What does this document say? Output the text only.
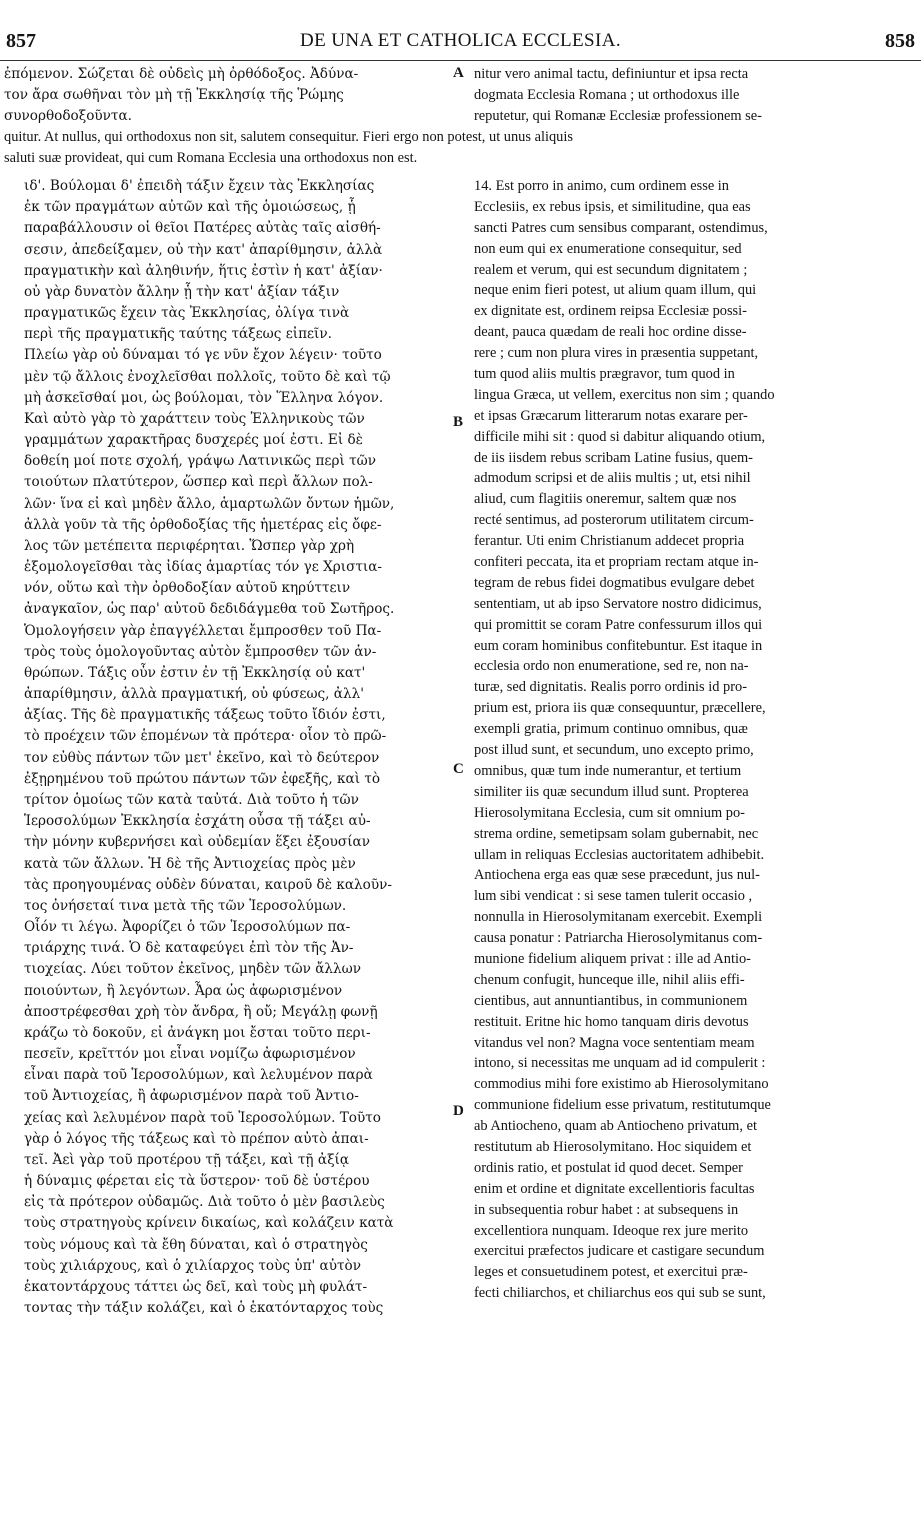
857	DE UNA ET CATHOLICA ECCLESIA.	858
ἐπόμενον. Σώζεται δὲ οὐδεὶς μὴ ὀρθόδοξος. Ἀδύνα-
τον ἄρα σωθῆναι τὸν μὴ τῇ Ἐκκλησίᾳ τῆς Ῥώμης
συνορθοδοξοῦντα.
A nitur vero animal tactu, definiuntur et ipsa recta
dogmata Ecclesia Romana ; ut orthodoxus ille
reputetur, qui Romanæ Ecclesiæ professionem se-
quitur. At nullus, qui orthodoxus non sit, salutem consequitur. Fieri ergo non potest, ut unus aliquis
saluti suæ provideat, qui cum Romana Ecclesia una orthodoxus non est.
ιδ'. Βούλομαι δ' ἐπειδὴ τάξιν ἔχειν τὰς Ἐκκλησίας
ἐκ τῶν πραγμάτων αὐτῶν καὶ τῆς ὁμοιώσεως, ᾗ
παραβάλλουσιν οἱ θεῖοι Πατέρες αὐτὰς ταῖς αἰσθή-
σεσιν, ἀπεδείξαμεν, οὐ τὴν κατ' ἀπαρίθμησιν, ἀλλὰ
πραγματικὴν καὶ ἀληθινήν, ἥτις ἐστὶν ἡ κατ' ἀξίαν·
οὐ γὰρ δυνατὸν ἄλλην ᾗ τὴν κατ' ἀξίαν τάξιν
πραγματικῶς ἔχειν τὰς Ἐκκλησίας, ὀλίγα τινὰ
περὶ τῆς πραγματικῆς ταύτης τάξεως εἰπεῖν.
Πλείω γὰρ οὐ δύναμαι τό γε νῦν ἔχον λέγειν· τοῦτο
μὲν τῷ ἄλλοις ἐνοχλεῖσθαι πολλοῖς, τοῦτο δὲ καὶ τῷ
μὴ ἀσκεῖσθαί μοι, ὡς βούλομαι, τὸν Ἕλληνα λόγον.
Καὶ αὐτὸ γὰρ τὸ χαράττειν τοὺς Ἑλληνικοὺς τῶν
γραμμάτων χαρακτῆρας δυσχερές μοί ἐστι. Εἰ δὲ
δοθείη μοί ποτε σχολή, γράψω Λατινικῶς περὶ τῶν
τοιούτων πλατύτερον, ὥσπερ καὶ περὶ ἄλλων πολ-
λῶν· ἵνα εἰ καὶ μηδὲν ἄλλο, ἁμαρτωλῶν ὄντων ἡμῶν,
ἀλλὰ γοῦν τὰ τῆς ὀρθοδοξίας τῆς ἡμετέρας εἰς ὄφε-
λος τῶν μετέπειτα περιφέρηται. Ὥσπερ γὰρ χρὴ
ἐξομολογεῖσθαι τὰς ἰδίας ἁμαρτίας τόν γε Χριστια-
νόν, οὕτω καὶ τὴν ὀρθοδοξίαν αὐτοῦ κηρύττειν
ἀναγκαῖον, ὡς παρ' αὐτοῦ δεδιδάγμεθα τοῦ Σωτῆρος.
Ὁμολογήσειν γὰρ ἐπαγγέλλεται ἔμπροσθεν τοῦ Πα-
τρὸς τοὺς ὁμολογοῦντας αὐτὸν ἔμπροσθεν τῶν ἀν-
θρώπων. Τάξις οὖν ἐστιν ἐν τῇ Ἐκκλησίᾳ οὐ κατ'
ἀπαρίθμησιν, ἀλλὰ πραγματική, οὐ φύσεως, ἀλλ'
ἀξίας. Τῆς δὲ πραγματικῆς τάξεως τοῦτο ἴδιόν ἐστι,
τὸ προέχειν τῶν ἑπομένων τὰ πρότερα· οἷον τὸ πρῶ-
τον εὐθὺς πάντων τῶν μετ' ἐκεῖνο, καὶ τὸ δεύτερον
ἐξῃρημένου τοῦ πρώτου πάντων τῶν ἐφεξῆς, καὶ τὸ
τρίτον ὁμοίως τῶν κατὰ ταὐτά. Διὰ τοῦτο ἡ τῶν
Ἱεροσολύμων Ἐκκλησία ἐσχάτη οὖσα τῇ τάξει αὐ-
τὴν μόνην κυβερνήσει καὶ οὐδεμίαν ἕξει ἐξουσίαν
κατὰ τῶν ἄλλων. Ἡ δὲ τῆς Ἀντιοχείας πρὸς μὲν
τὰς προηγουμένας οὐδὲν δύναται, καιροῦ δὲ καλοῦν-
τος ὀνήσεταί τινα μετὰ τῆς τῶν Ἱεροσολύμων.
Οἷόν τι λέγω. Ἀφορίζει ὁ τῶν Ἱεροσολύμων πα-
τριάρχης τινά. Ὁ δὲ καταφεύγει ἐπὶ τὸν τῆς Ἀν-
τιοχείας. Λύει τοῦτον ἐκεῖνος, μηδὲν τῶν ἄλλων
ποιούντων, ἢ λεγόντων. Ἆρα ὡς ἀφωρισμένον
ἀποστρέφεσθαι χρὴ τὸν ἄνδρα, ἢ οὔ; Μεγάλῃ φωνῇ
κράζω τὸ δοκοῦν, εἰ ἀνάγκη μοι ἔσται τοῦτο περι-
πεσεῖν, κρεῖττόν μοι εἶναι νομίζω ἀφωρισμένον
εἶναι παρὰ τοῦ Ἱεροσολύμων, καὶ λελυμένον παρὰ
τοῦ Ἀντιοχείας, ἢ ἀφωρισμένον παρὰ τοῦ Ἀντιο-
χείας καὶ λελυμένον παρὰ τοῦ Ἱεροσολύμων. Τοῦτο
γὰρ ὁ λόγος τῆς τάξεως καὶ τὸ πρέπον αὐτὸ ἀπαι-
τεῖ. Ἀεὶ γὰρ τοῦ προτέρου τῇ τάξει, καὶ τῇ ἀξίᾳ
ἡ δύναμις φέρεται εἰς τὰ ὕστερον· τοῦ δὲ ὑστέρου
εἰς τὰ πρότερον οὐδαμῶς. Διὰ τοῦτο ὁ μὲν βασιλεὺς
τοὺς στρατηγοὺς κρίνειν δικαίως, καὶ κολάζειν κατὰ
τοὺς νόμους καὶ τὰ ἔθη δύναται, καὶ ὁ στρατηγὸς
τοὺς χιλιάρχους, καὶ ὁ χιλίαρχος τοὺς ὑπ' αὐτὸν
ἑκατοντάρχους τάττει ὡς δεῖ, καὶ τοὺς μὴ φυλάτ-
τοντας τὴν τάξιν κολάζει, καὶ ὁ ἑκατόνταρχος τοὺς
14. Est porro in animo, cum ordinem esse in
Ecclesiis, ex rebus ipsis, et similitudine, qua eas
sancti Patres cum sensibus comparant, ostendimus,
non eum qui ex enumeratione consequitur, sed
realem et verum, qui est secundum dignitatem ;
neque enim fieri potest, ut alium quam illum, qui
ex dignitate est, ordinem reipsa Ecclesiæ possi-
deant, pauca quædam de reali hoc ordine disse-
rere ; cum non plura vires in præsentia suppetant,
tum quod aliis multis prægravor, tum quod in
lingua Græca, ut vellem, exercitus non sim ; quando
et ipsas Græcarum litterarum notas exarare per-
difficile mihi sit : quod si dabitur aliquando otium,
de iis iisdem rebus scribam Latine fusius, quem-
admodum scripsi et de aliis multis ; ut, etsi nihil
aliud, cum flagitiis oneremur, saltem quæ nos
recté sentimus, ad posterorum utilitatem circum-
ferantur. Uti enim Christianum addecet propria
confiteri peccata, ita et propriam rectam atque in-
tegram de rebus fidei dogmatibus evulgare debet
sententiam, ut ab ipso Servatore nostro didicimus,
qui promittit se coram Patre confessurum illos qui
eum coram hominibus confitebuntur. Est itaque in
ecclesia ordo non enumeratione, sed re, non na-
turæ, sed dignitatis. Realis porro ordinis id pro-
prium est, priora iis quæ consequuntur, præcellere,
exempli gratia, primum continuo omnibus, quæ
post illud sunt, et secundum, uno excepto primo,
omnibus, quæ tum inde numerantur, et tertium
similiter iis quæ secundum illud sunt. Propterea
Hierosolymitana Ecclesia, cum sit omnium po-
strema ordine, semetipsam solam gubernabit, nec
ullam in reliquas Ecclesias auctoritatem adhibebit.
Antiochena erga eas quæ sese præcedunt, jus nul-
lum sibi vendicat : si sese tamen tulerit occasio ,
nonnulla in Hierosolymitanam exercebit. Exempli
causa ponatur : Patriarcha Hierosolymitanus com-
munione fidelium aliquem privat : ille ad Antio-
chenum confugit, hunceque ille, nihil aliis effi-
cientibus, aut annuntiantibus, in communionem
restituit. Eritne hic homo tanquam diris devotus
vitandus vel non? Magna voce sententiam meam
intono, si necessitas me unquam ad id compulerit :
commodius mihi fore existimo ab Hierosolymitano
communione fidelium esse privatum, restitutumque
ab Antiocheno, quam ab Antiocheno privatum, et
restitutum ab Hierosolymitano. Hoc siquidem et
ordinis ratio, et postulat id quod decet. Semper
enim et ordine et dignitate excellentioris facultas
in subsequentia robur habet : at subsequens in
excellentiora nunquam. Ideoque rex jure merito
exercitui præfectos judicare et castigare secundum
leges et consuetudinem potest, et exercitui præ-
fecti chiliarchos, et chiliarchus eos qui sub se sunt,
B
C
D
